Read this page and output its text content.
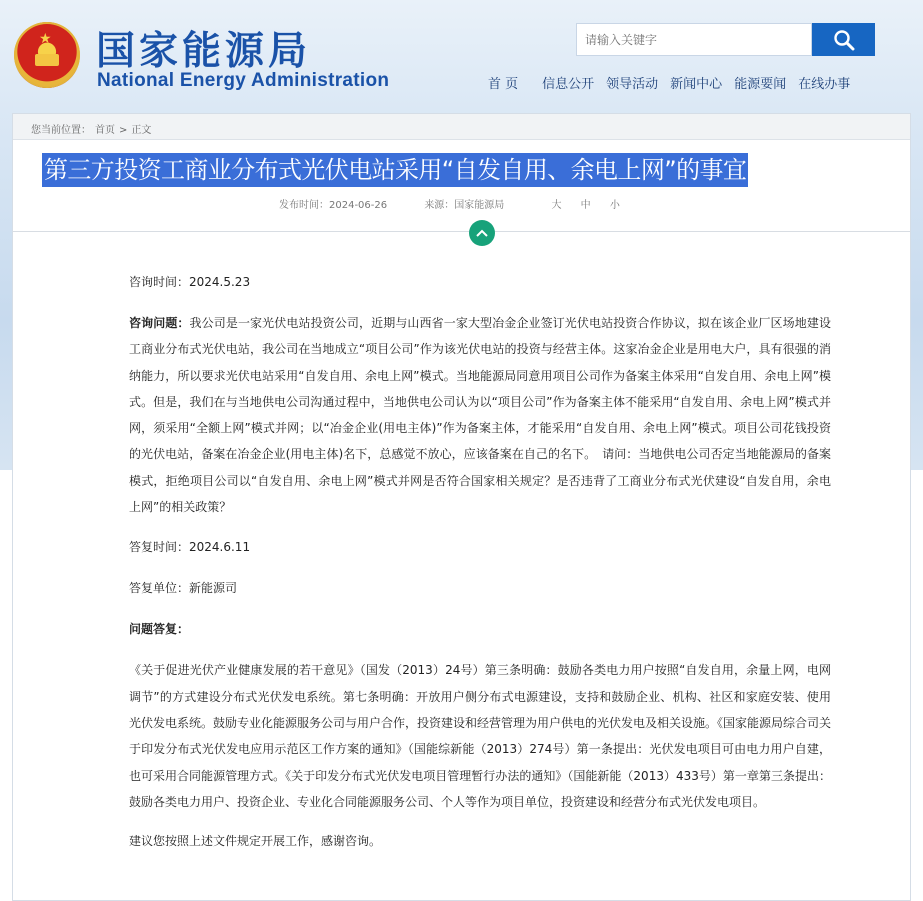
★ 国家能源局
National Energy Administration
请输入关键字	首 页 信息公开 领导活动 新闻中心 能源要闻 在线办事
您当前位置： 首页 > 正文
第三方投资工商业分布式光伏电站采用“自发自用、余电上网”的事宜
发布时间：2024-06-26	来源：国家能源局	大 中 小

咨询时间：2024.5.23

咨询问题：我公司是一家光伏电站投资公司，近期与山西省一家大型冶金企业签订光伏电站投资合作协议，拟在该企业厂区场地建设工商业分布式光伏电站，我公司在当地成立“项目公司”作为该光伏电站的投资与经营主体。这家冶金企业是用电大户，具有很强的消纳能力，所以要求光伏电站采用“自发自用、余电上网”模式。当地能源局同意用项目公司作为备案主体采用“自发自用、余电上网”模式。但是，我们在与当地供电公司沟通过程中，当地供电公司认为以“项目公司”作为备案主体不能采用“自发自用、余电上网”模式并网，须采用“全额上网”模式并网；以“冶金企业(用电主体)”作为备案主体，才能采用“自发自用、余电上网”模式。项目公司花钱投资的光伏电站，备案在冶金企业(用电主体)名下，总感觉不放心，应该备案在自己的名下。　请问：当地供电公司否定当地能源局的备案模式，拒绝项目公司以“自发自用、余电上网”模式并网是否符合国家相关规定？是否违背了工商业分布式光伏建设“自发自用，余电上网”的相关政策？

答复时间：2024.6.11

答复单位：新能源司

问题答复：

《关于促进光伏产业健康发展的若干意见》（国发（2013）24号）第三条明确：鼓励各类电力用户按照“自发自用，余量上网，电网调节”的方式建设分布式光伏发电系统。第七条明确：开放用户侧分布式电源建设，支持和鼓励企业、机构、社区和家庭安装、使用光伏发电系统。鼓励专业化能源服务公司与用户合作，投资建设和经营管理为用户供电的光伏发电及相关设施。《国家能源局综合司关于印发分布式光伏发电应用示范区工作方案的通知》（国能综新能（2013）274号）第一条提出：光伏发电项目可由电力用户自建，也可采用合同能源管理方式。《关于印发分布式光伏发电项目管理暂行办法的通知》（国能新能（2013）433号）第一章第三条提出：鼓励各类电力用户、投资企业、专业化合同能源服务公司、个人等作为项目单位，投资建设和经营分布式光伏发电项目。

建议您按照上述文件规定开展工作，感谢咨询。
